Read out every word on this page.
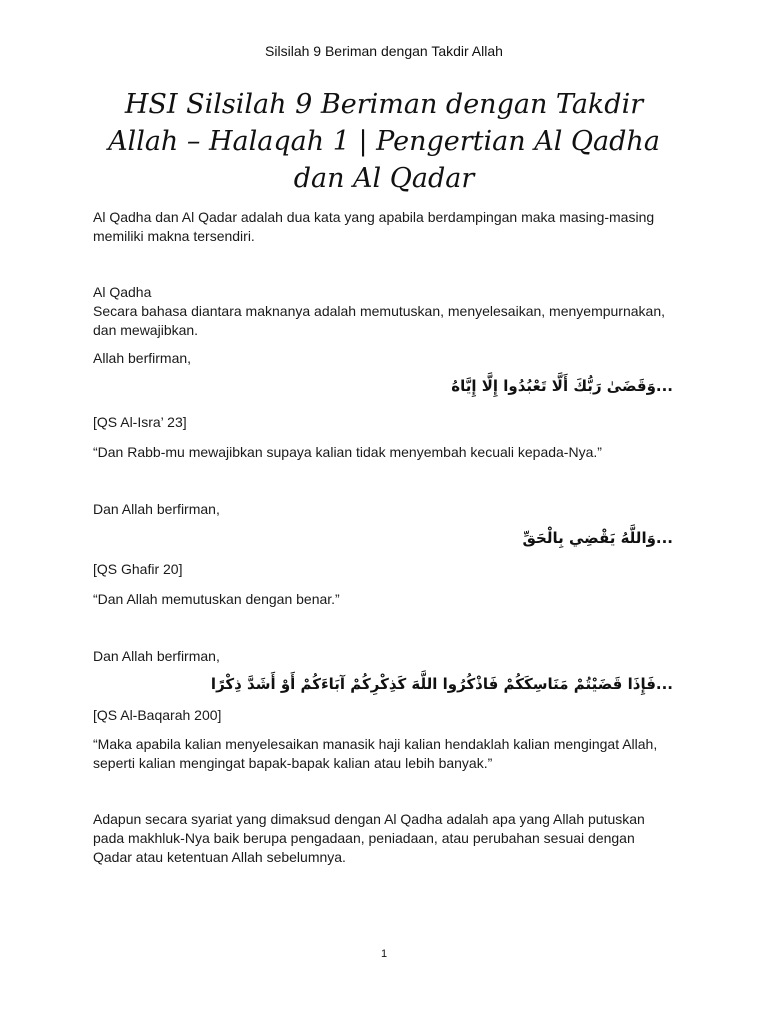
Silsilah 9 Beriman dengan Takdir Allah
HSI Silsilah 9 Beriman dengan Takdir Allah – Halaqah 1 | Pengertian Al Qadha dan Al Qadar

Al Qadha dan Al Qadar adalah dua kata yang apabila berdampingan maka masing-masing memiliki makna tersendiri.

Al Qadha

Secara bahasa diantara maknanya adalah memutuskan, menyelesaikan, menyempurnakan, dan mewajibkan.

Allah berfirman,
...وَقَضَىٰ رَبُّكَ أَلَّا تَعْبُدُوا إِلَّا إِيَّاهُ
[QS Al-Isra’ 23]
“Dan Rabb-mu mewajibkan supaya kalian tidak menyembah kecuali kepada-Nya.”
Dan Allah berfirman,
...وَاللَّهُ يَقْضِي بِالْحَقِّ
[QS Ghafir 20]
“Dan Allah memutuskan dengan benar.”
Dan Allah berfirman,
...فَإِذَا قَضَيْتُمْ مَنَاسِكَكُمْ فَاذْكُرُوا اللَّهَ كَذِكْرِكُمْ آبَاءَكُمْ أَوْ أَشَدَّ ذِكْرًا
[QS Al-Baqarah 200]

“Maka apabila kalian menyelesaikan manasik haji kalian hendaklah kalian mengingat Allah, seperti kalian mengingat bapak-bapak kalian atau lebih banyak.”

Adapun secara syariat yang dimaksud dengan Al Qadha adalah apa yang Allah putuskan pada makhluk-Nya baik berupa pengadaan, peniadaan, atau perubahan sesuai dengan Qadar atau ketentuan Allah sebelumnya.

1
